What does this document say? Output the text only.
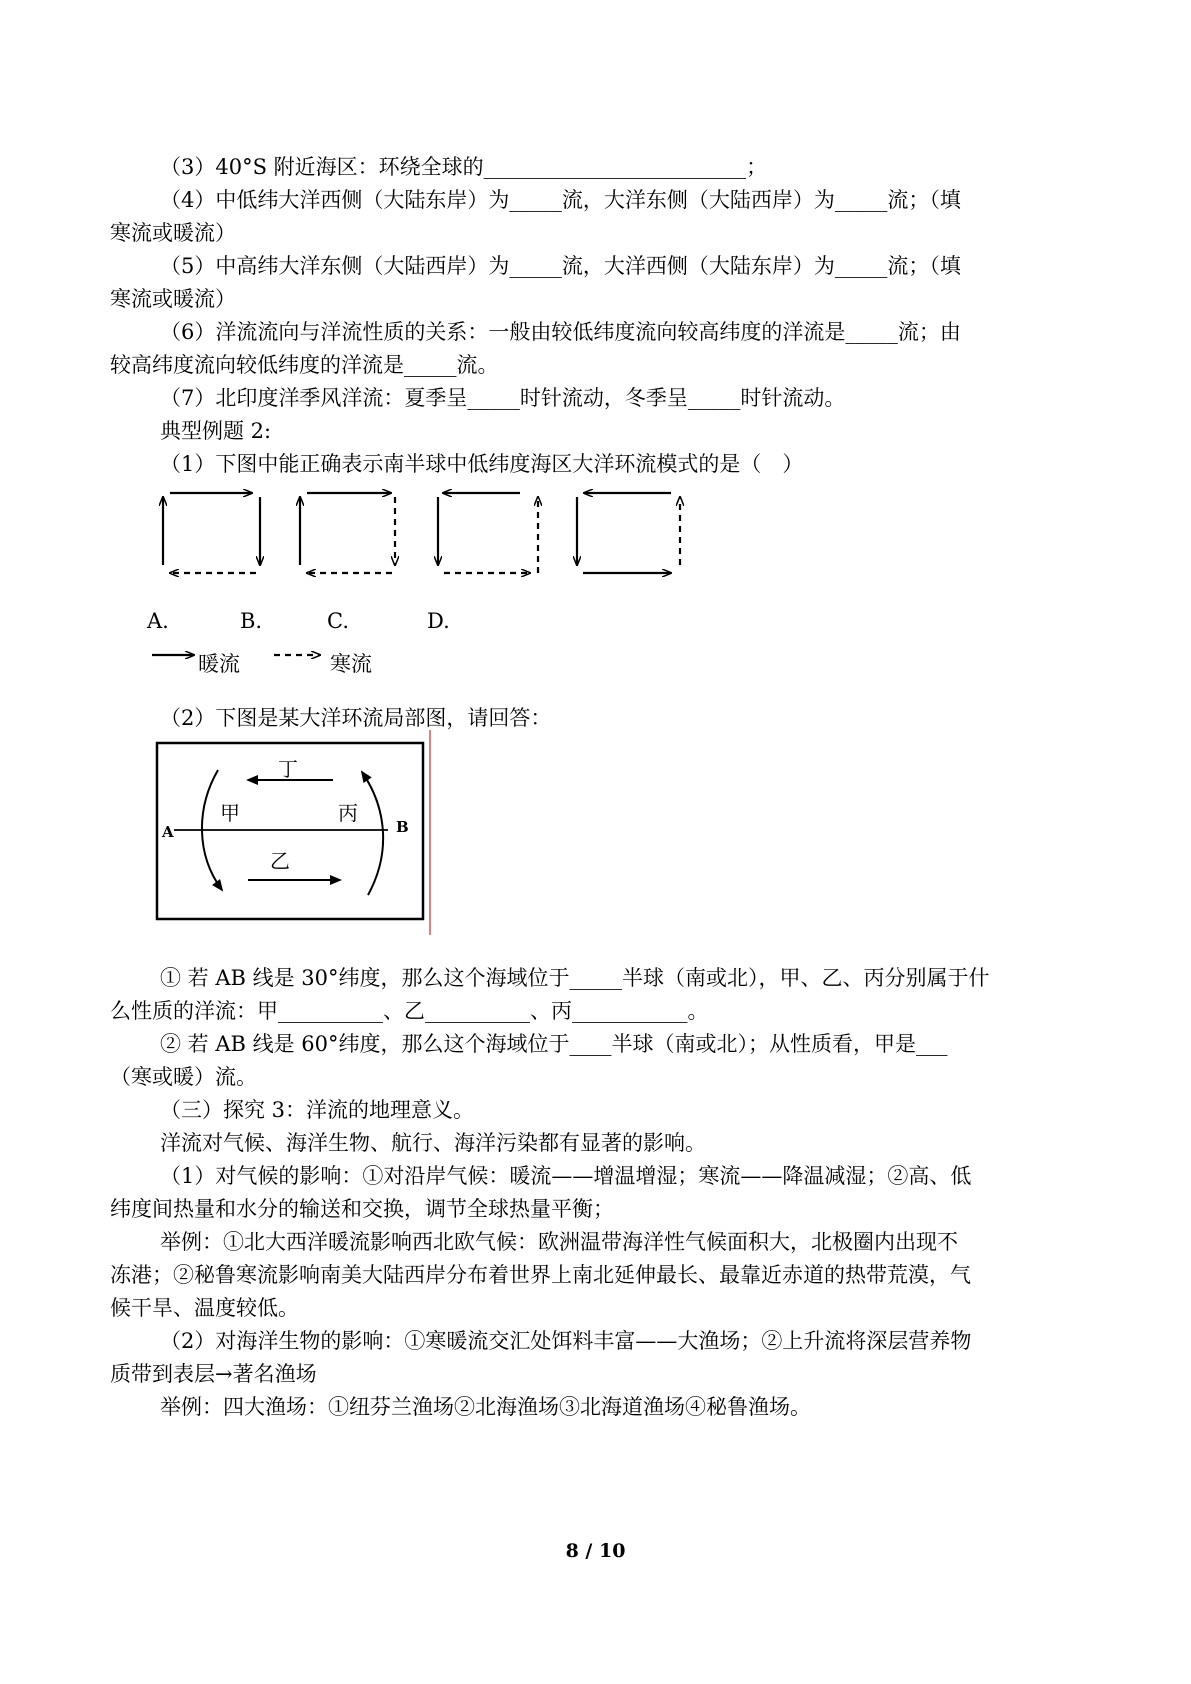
（3）40°S 附近海区：环绕全球的_________________________；
（4）中低纬大洋西侧（大陆东岸）为_____流，大洋东侧（大陆西岸）为_____流；（填
寒流或暖流）
（5）中高纬大洋东侧（大陆西岸）为_____流，大洋西侧（大陆东岸）为_____流；（填
寒流或暖流）
（6）洋流流向与洋流性质的关系：一般由较低纬度流向较高纬度的洋流是_____流；由
较高纬度流向较低纬度的洋流是_____流。
（7）北印度洋季风洋流：夏季呈_____时针流动，冬季呈_____时针流动。
典型例题 2:
（1）下图中能正确表示南半球中低纬度海区大洋环流模式的是（　）
A.	B.	C.	D.
暖流	寒流
（2）下图是某大洋环流局部图，请回答：
丁
甲	丙
乙
A	B
① 若 AB 线是 30°纬度，那么这个海域位于_____半球（南或北），甲、乙、丙分别属于什
么性质的洋流：甲__________、乙__________、丙___________。
② 若 AB 线是 60°纬度，那么这个海域位于____半球（南或北）；从性质看，甲是___
（寒或暖）流。
（三）探究 3：洋流的地理意义。
洋流对气候、海洋生物、航行、海洋污染都有显著的影响。
（1）对气候的影响：①对沿岸气候：暖流——增温增湿；寒流——降温减湿；②高、低
纬度间热量和水分的输送和交换，调节全球热量平衡；
举例：①北大西洋暖流影响西北欧气候：欧洲温带海洋性气候面积大，北极圈内出现不
冻港；②秘鲁寒流影响南美大陆西岸分布着世界上南北延伸最长、最靠近赤道的热带荒漠，气
候干旱、温度较低。
（2）对海洋生物的影响：①寒暖流交汇处饵料丰富——大渔场；②上升流将深层营养物
质带到表层→著名渔场
举例：四大渔场：①纽芬兰渔场②北海渔场③北海道渔场④秘鲁渔场。
8 / 10
